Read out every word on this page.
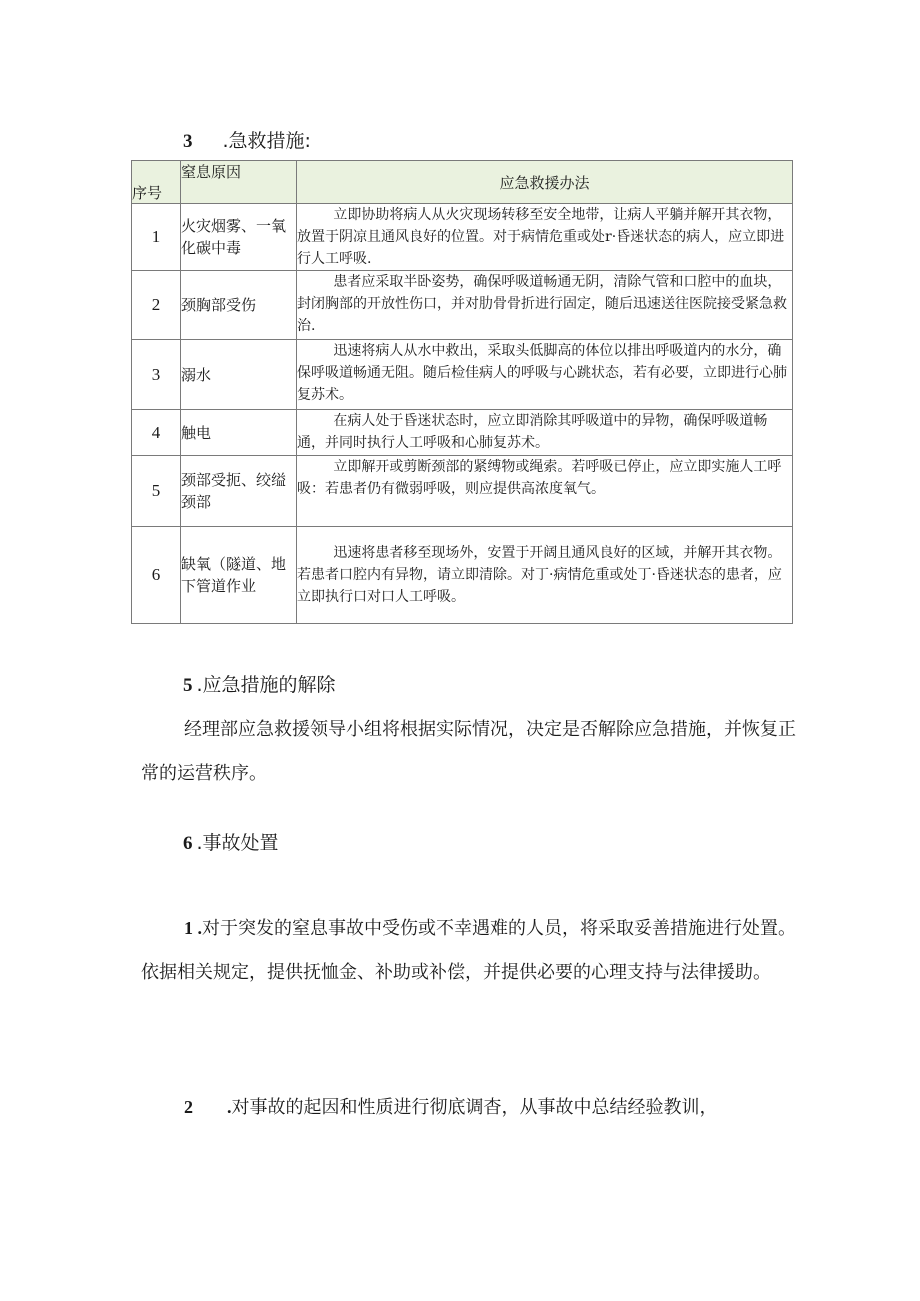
3 .急救措施:
序号	窒息原因	应急救援办法
1	火灾烟雾、一氧化碳中毒	立即协助将病人从火灾现场转移至安全地带，让病人平躺并解开其衣物，放置于阴凉且通风良好的位置。对于病情危重或处r·昏迷状态的病人，应立即进行人工呼吸.
2	颈胸部受伤	患者应采取半卧姿势，确保呼吸道畅通无阴，清除气管和口腔中的血块，封闭胸部的开放性伤口，并对肋骨骨折进行固定，随后迅速送往医院接受紧急救治.
3	溺水	迅速将病人从水中救出，采取头低脚高的体位以排出呼吸道内的水分，确保呼吸道畅通无阻。随后检佳病人的呼吸与心跳状态，若有必要，立即进行心肺复苏术。
4	触电	在病人处于昏迷状态时，应立即消除其呼吸道中的异物，确保呼吸道畅通，并同时执行人工呼吸和心肺复苏术。
5	颈部受扼、绞缢颈部	立即解开或剪断颈部的紧缚物或绳索。若呼吸已停止，应立即实施人工呼吸：若患者仍有微弱呼吸，则应提供高浓度氧气。
6	缺氧（隧道、地下管道作业	迅速将患者移至现场外，安置于开阔且通风良好的区域，并解开其衣物。若患者口腔内有异物，请立即清除。对丁·病情危重或处丁·昏迷状态的患者，应立即执行口对口人工呼吸。
5 .应急措施的解除
经理部应急救援领导小组将根据实际情况，决定是否解除应急措施，并恢复正常的运营秩序。
6 .事故处置
1 .对于突发的窒息事故中受伤或不幸遇难的人员，将采取妥善措施进行处置。依据相关规定，提供抚恤金、补助或补偿，并提供必要的心理支持与法律援助。
2 .对事故的起因和性质进行彻底调杳，从事故中总结经验教训，
